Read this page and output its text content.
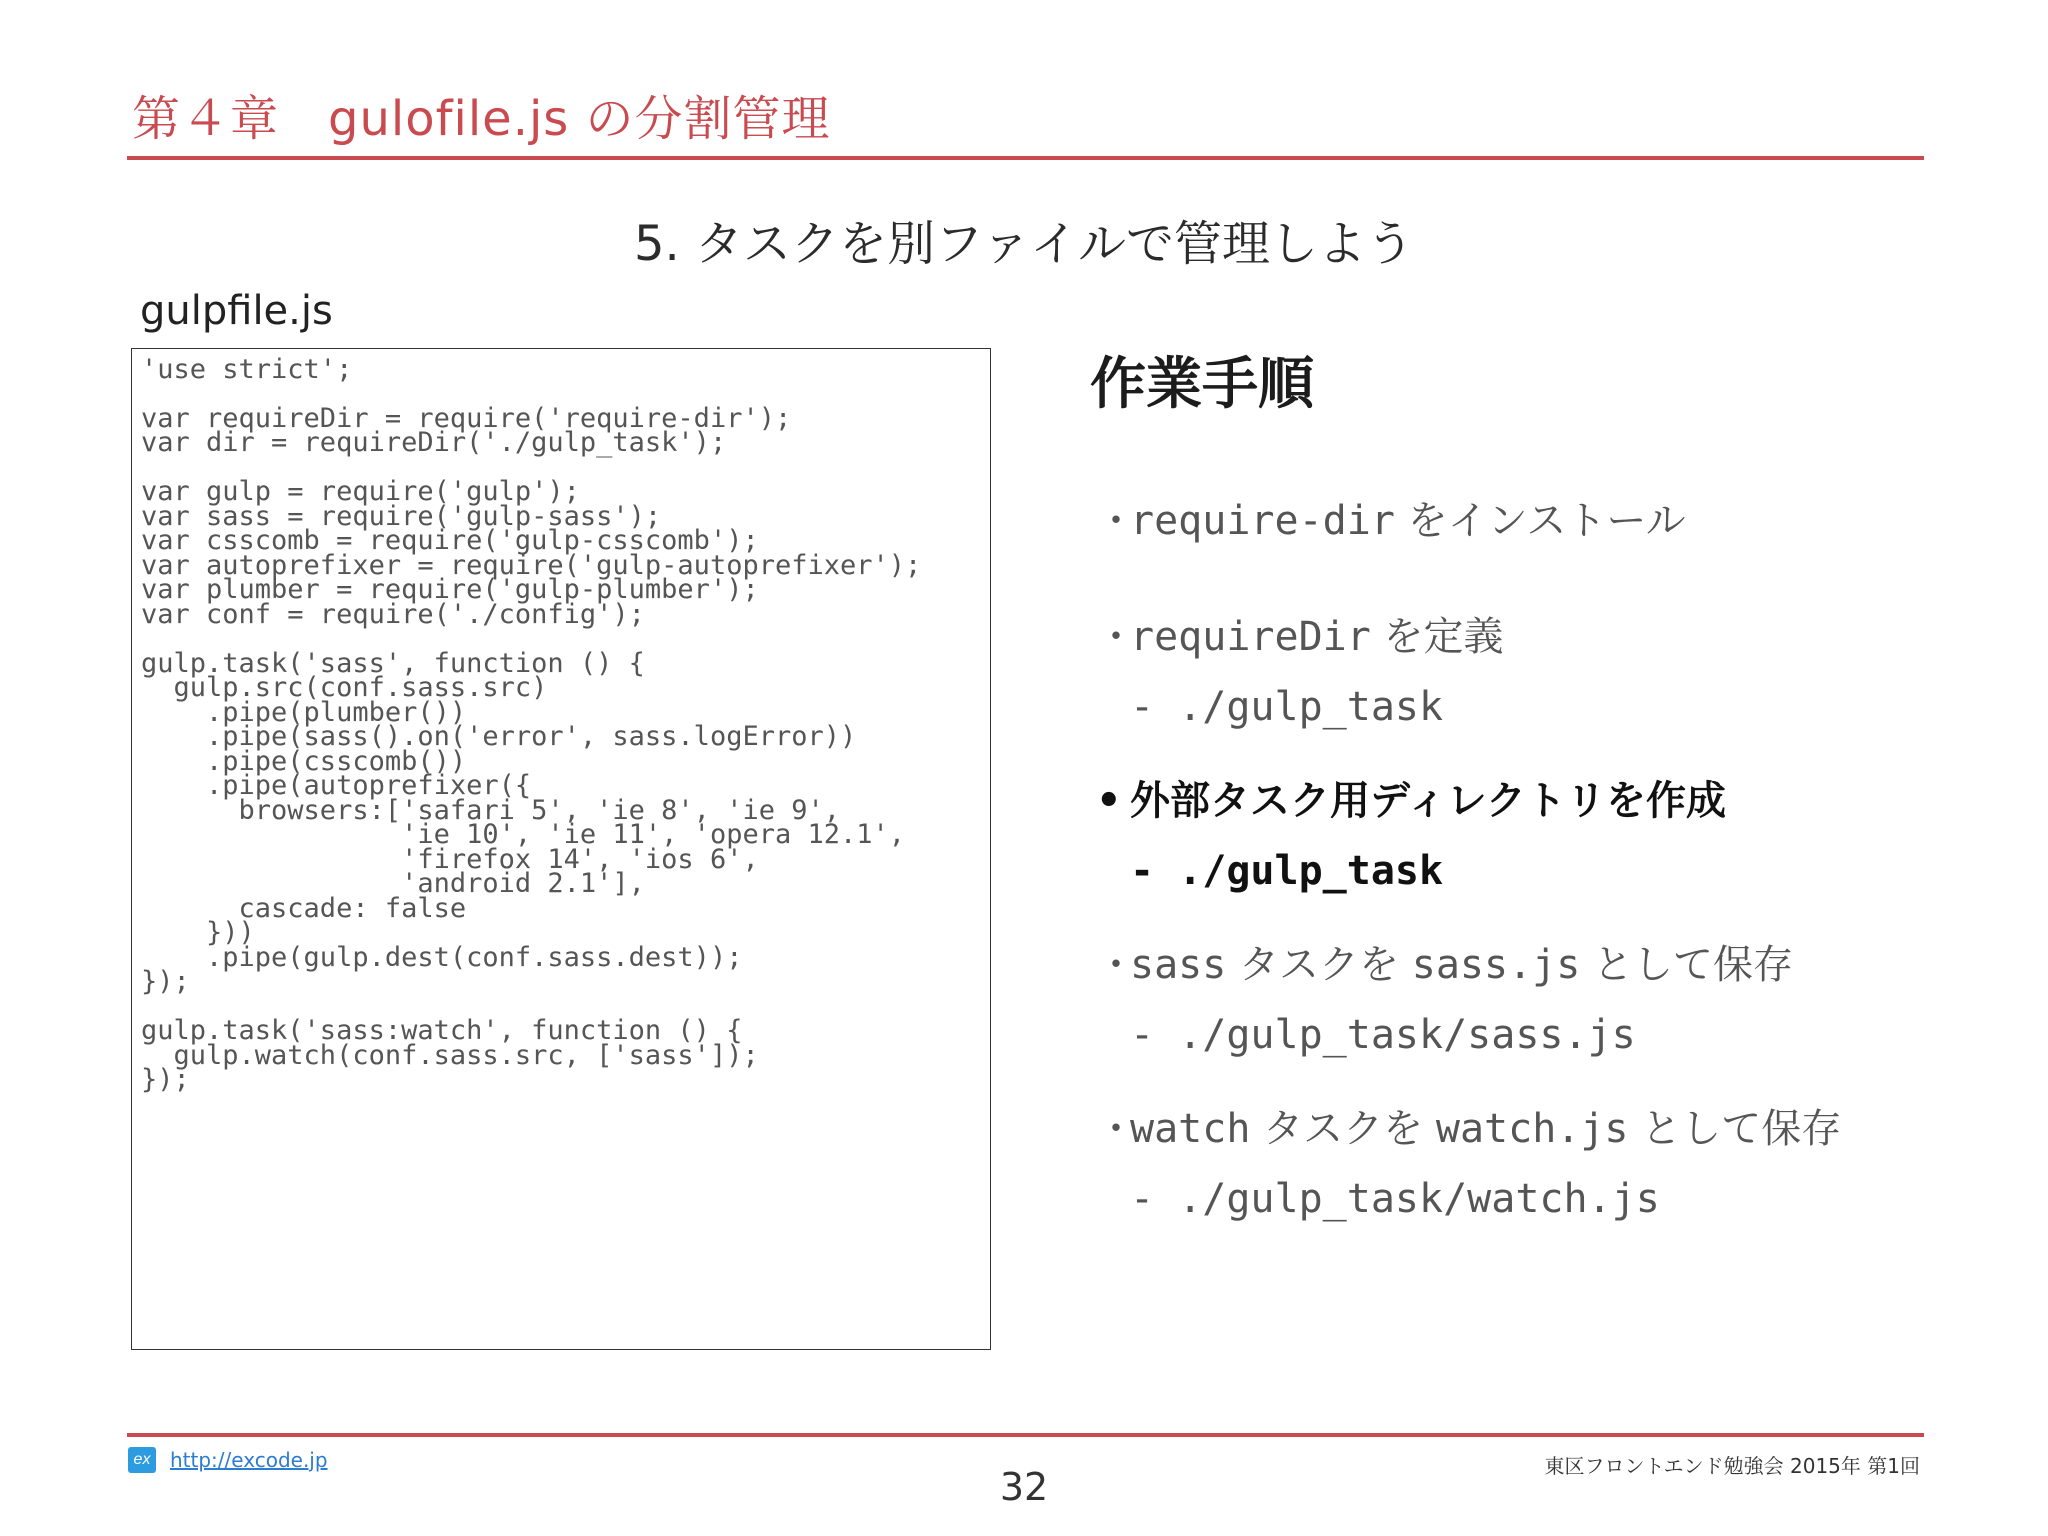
第４章　gulofile.js の分割管理
5. タスクを別ファイルで管理しよう
gulpfile.js
'use strict';
var requireDir = require('require-dir');
var dir = requireDir('./gulp_task');
var gulp = require('gulp');
var sass = require('gulp-sass');
var csscomb = require('gulp-csscomb');
var autoprefixer = require('gulp-autoprefixer');
var plumber = require('gulp-plumber');
var conf = require('./config');
gulp.task('sass', function () {
gulp.src(conf.sass.src)
.pipe(plumber())
.pipe(sass().on('error', sass.logError))
.pipe(csscomb())
.pipe(autoprefixer({
browsers:['safari 5', 'ie 8', 'ie 9',
'ie 10', 'ie 11', 'opera 12.1',
'firefox 14', 'ios 6',
'android 2.1'],
cascade: false
}))
.pipe(gulp.dest(conf.sass.dest));
});
gulp.task('sass:watch', function () {
gulp.watch(conf.sass.src, ['sass']);
});
作業手順
・require-dir をインストール
・requireDir を定義
- ./gulp_task
• 外部タスク用ディレクトリを作成
- ./gulp_task
・sass タスクを sass.js として保存
- ./gulp_task/sass.js
・watch タスクを watch.js として保存
- ./gulp_task/watch.js
ex http://excode.jp
32	東区フロントエンド勉強会 2015年 第1回
